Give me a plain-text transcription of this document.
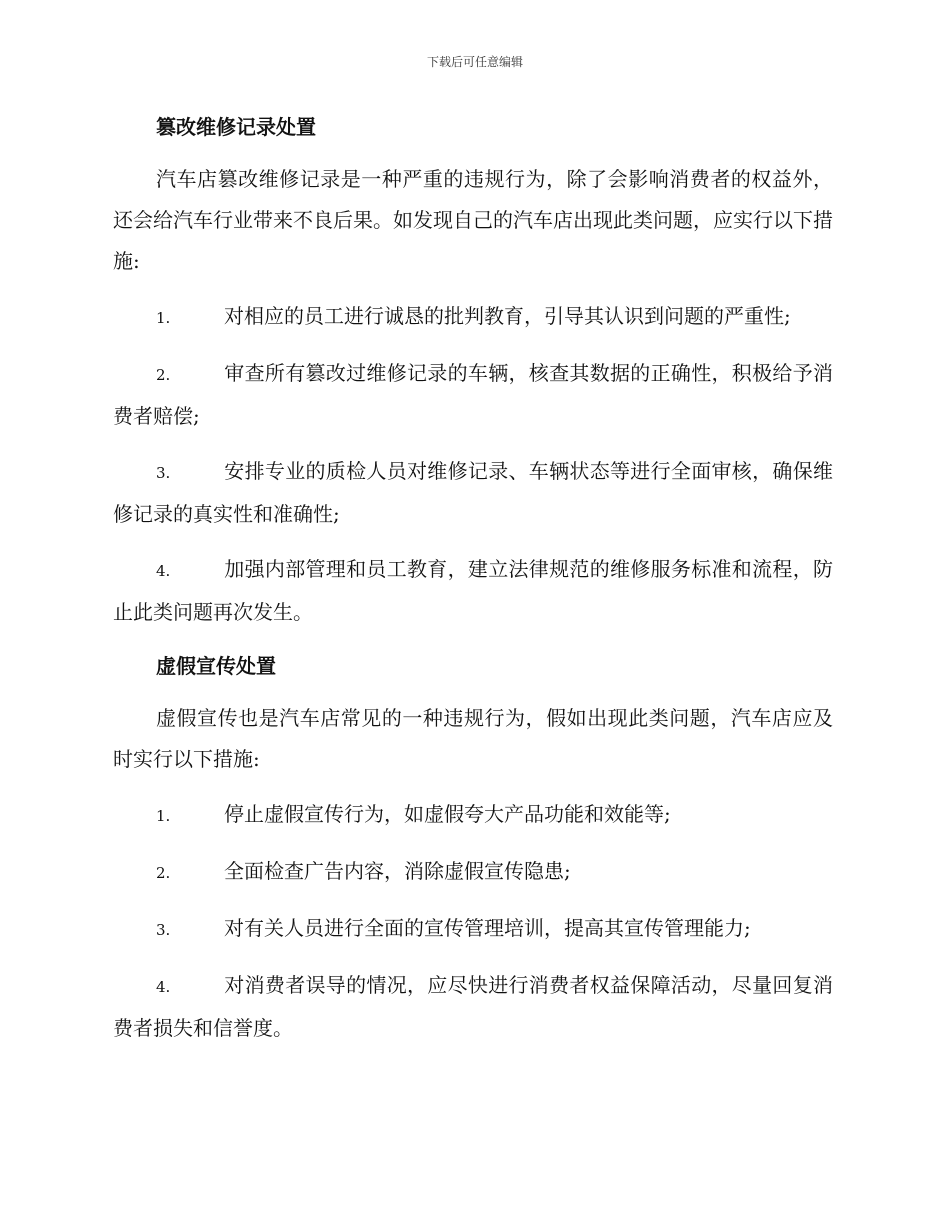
下载后可任意编辑

篡改维修记录处置

汽车店篡改维修记录是一种严重的违规行为，除了会影响消费者的权益外，还会给汽车行业带来不良后果。如发现自己的汽车店出现此类问题，应实行以下措施:

1.	对相应的员工进行诚恳的批判教育，引导其认识到问题的严重性;

2.	审查所有篡改过维修记录的车辆，核查其数据的正确性，积极给予消费者赔偿;

3.	安排专业的质检人员对维修记录、车辆状态等进行全面审核，确保维修记录的真实性和准确性;

4.	加强内部管理和员工教育，建立法律规范的维修服务标准和流程，防止此类问题再次发生。

虚假宣传处置

虚假宣传也是汽车店常见的一种违规行为，假如出现此类问题，汽车店应及时实行以下措施:

1.	停止虚假宣传行为，如虚假夸大产品功能和效能等;

2.	全面检查广告内容，消除虚假宣传隐患;

3.	对有关人员进行全面的宣传管理培训，提高其宣传管理能力;

4.	对消费者误导的情况，应尽快进行消费者权益保障活动，尽量回复消费者损失和信誉度。
